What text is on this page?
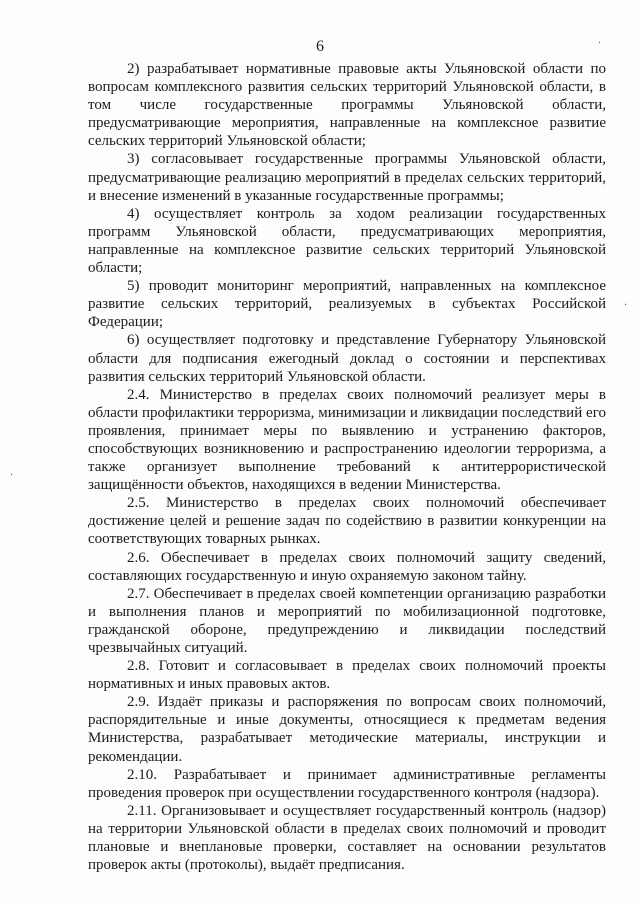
6

2) разрабатывает нормативные правовые акты Ульяновской области по вопросам комплексного развития сельских территорий Ульяновской области, в том числе государственные программы Ульяновской области, предусматривающие мероприятия, направленные на комплексное развитие сельских территорий Ульяновской области;

3) согласовывает государственные программы Ульяновской области, предусматривающие реализацию мероприятий в пределах сельских территорий, и внесение изменений в указанные государственные программы;

4) осуществляет контроль за ходом реализации государственных программ Ульяновской области, предусматривающих мероприятия, направленные на комплексное развитие сельских территорий Ульяновской области;

5) проводит мониторинг мероприятий, направленных на комплексное развитие сельских территорий, реализуемых в субъектах Российской Федерации;

6) осуществляет подготовку и представление Губернатору Ульяновской области для подписания ежегодный доклад о состоянии и перспективах развития сельских территорий Ульяновской области.

2.4. Министерство в пределах своих полномочий реализует меры в области профилактики терроризма, минимизации и ликвидации последствий его проявления, принимает меры по выявлению и устранению факторов, способствующих возникновению и распространению идеологии терроризма, а также организует выполнение требований к антитеррористической защищённости объектов, находящихся в ведении Министерства.

2.5. Министерство в пределах своих полномочий обеспечивает достижение целей и решение задач по содействию в развитии конкуренции на соответствующих товарных рынках.

2.6. Обеспечивает в пределах своих полномочий защиту сведений, составляющих государственную и иную охраняемую законом тайну.

2.7. Обеспечивает в пределах своей компетенции организацию разработки и выполнения планов и мероприятий по мобилизационной подготовке, гражданской обороне, предупреждению и ликвидации последствий чрезвычайных ситуаций.

2.8. Готовит и согласовывает в пределах своих полномочий проекты нормативных и иных правовых актов.

2.9. Издаёт приказы и распоряжения по вопросам своих полномочий, распорядительные и иные документы, относящиеся к предметам ведения Министерства, разрабатывает методические материалы, инструкции и рекомендации.

2.10. Разрабатывает и принимает административные регламенты проведения проверок при осуществлении государственного контроля (надзора).

2.11. Организовывает и осуществляет государственный контроль (надзор) на территории Ульяновской области в пределах своих полномочий и проводит плановые и внеплановые проверки, составляет на основании результатов проверок акты (протоколы), выдаёт предписания.

·
·
·
